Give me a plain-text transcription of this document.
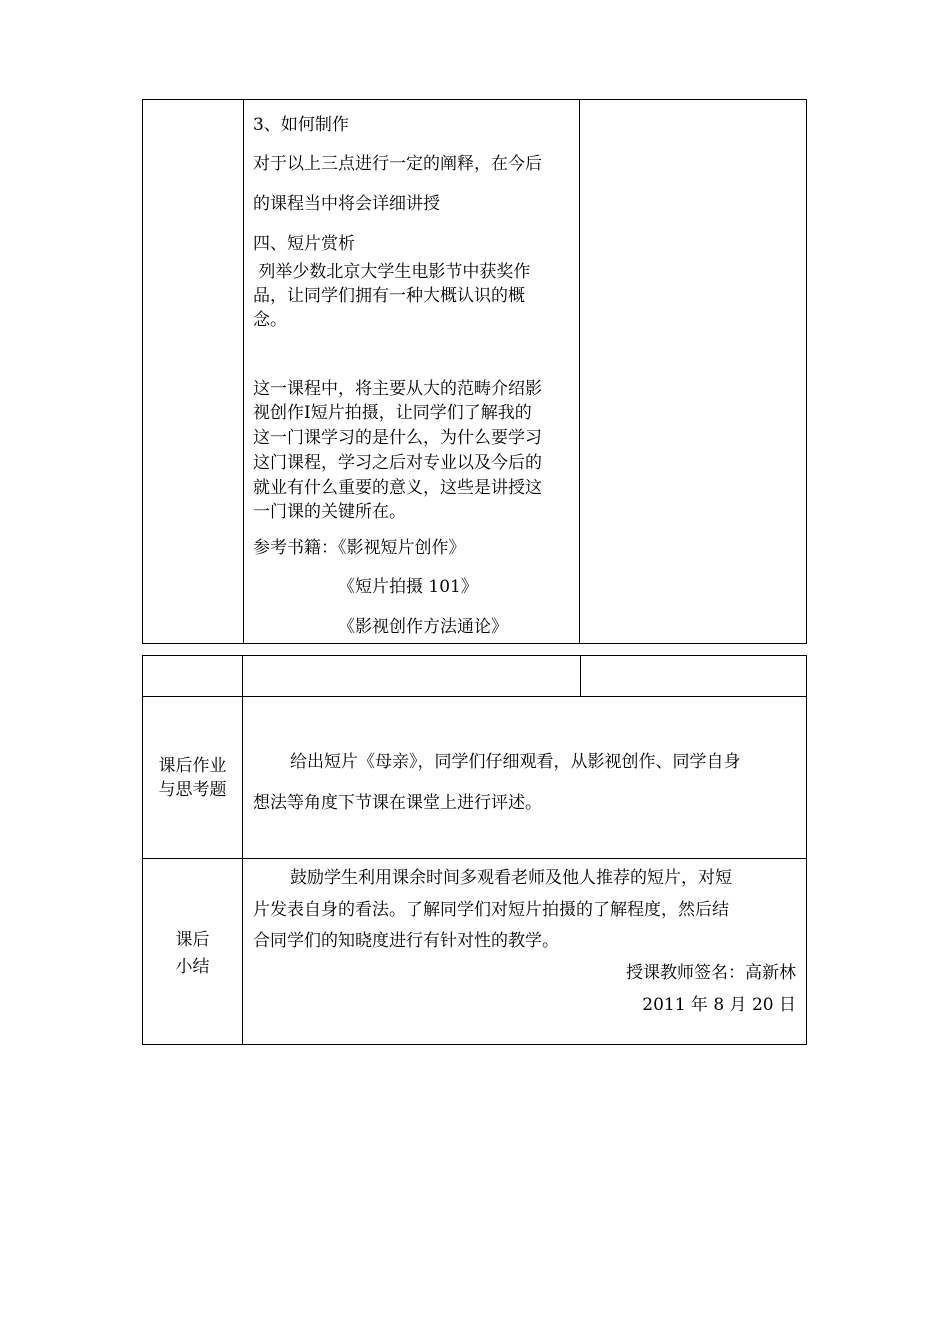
3、如何制作
对于以上三点进行一定的阐释，在今后
的课程当中将会详细讲授
四、短片赏析
列举少数北京大学生电影节中获奖作
品，让同学们拥有一种大概认识的概
念。
这一课程中，将主要从大的范畴介绍影
视创作Ⅰ短片拍摄，让同学们了解我的
这一门课学习的是什么，为什么要学习
这门课程，学习之后对专业以及今后的
就业有什么重要的意义，这些是讲授这
一门课的关键所在。
参考书籍：《影视短片创作》
《短片拍摄 101》
《影视创作方法通论》
课后作业
与思考题
给出短片《母亲》，同学们仔细观看，从影视创作、同学自身
想法等角度下节课在课堂上进行评述。
课后
小结
鼓励学生利用课余时间多观看老师及他人推荐的短片，对短
片发表自身的看法。了解同学们对短片拍摄的了解程度，然后结
合同学们的知晓度进行有针对性的教学。
授课教师签名：高新林
2011 年 8 月 20 日
